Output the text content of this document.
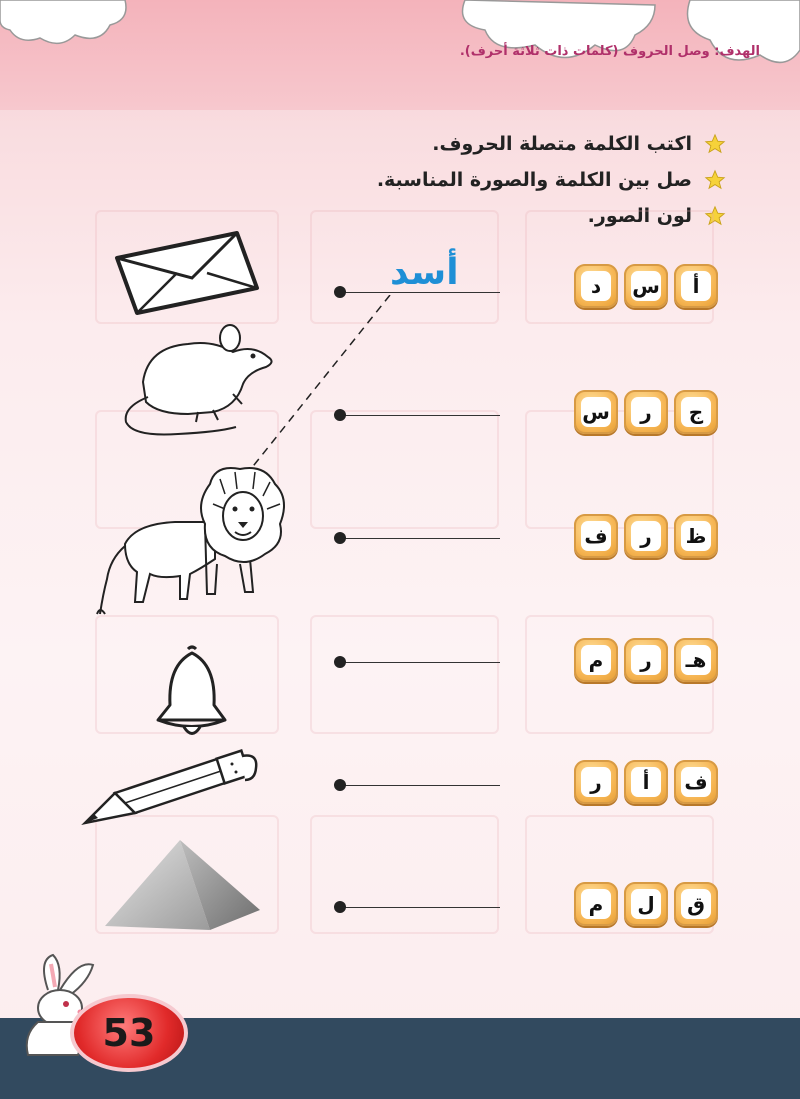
الهدف: وصل الحروف (كلمات ذات ثلاثة أحرف).
اكتب الكلمة متصلة الحروف.
صل بين الكلمة والصورة المناسبة.
لون الصور.
أ
س
د
ج
ر
س
ظ
ر
ف
هـ
ر
م
ف
أ
ر
ق
ل
م
أسد
53
